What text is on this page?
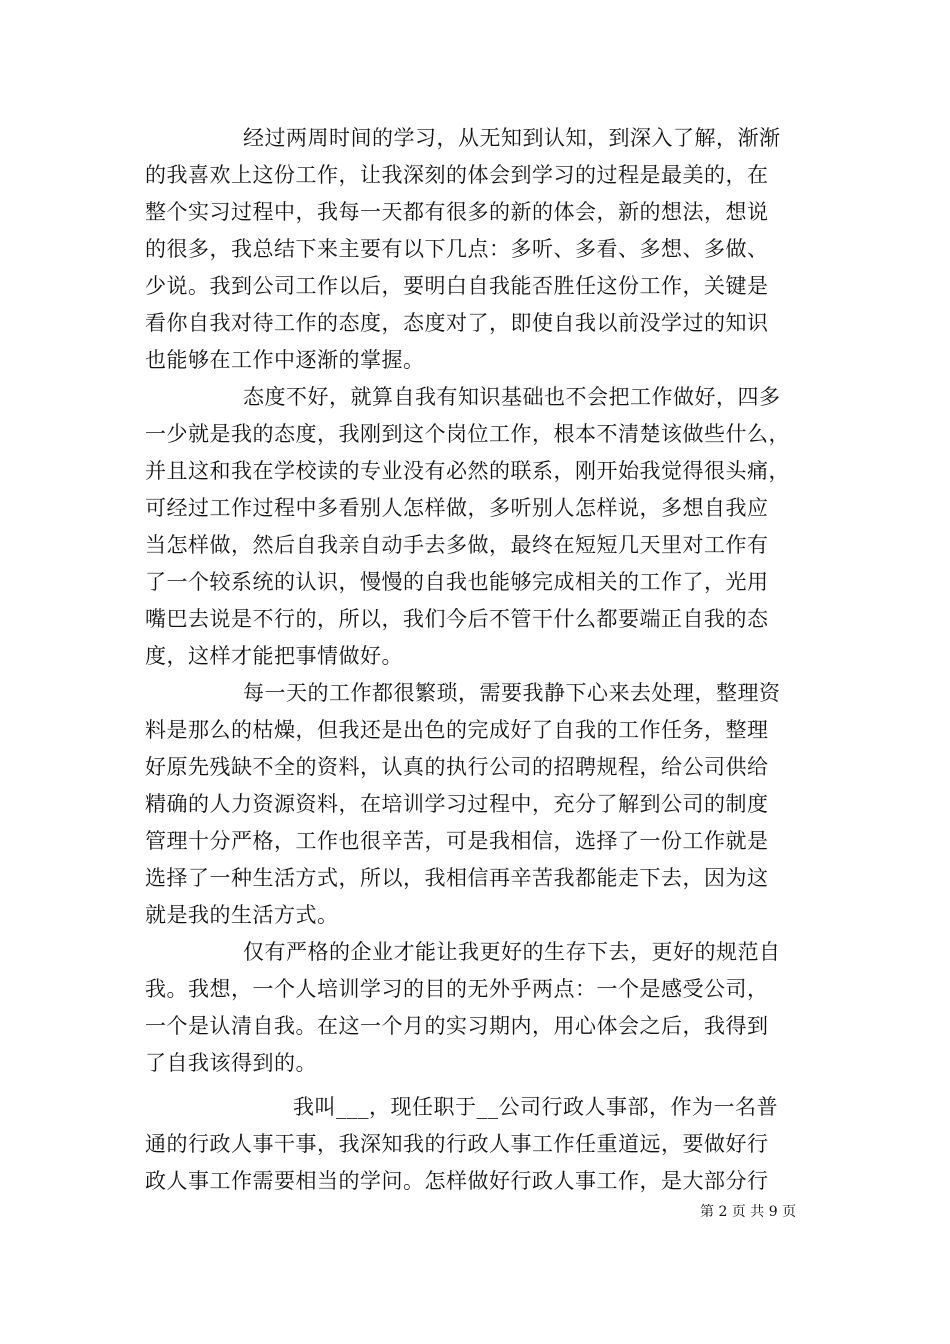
经过两周时间的学习，从无知到认知，到深入了解，渐渐
的我喜欢上这份工作，让我深刻的体会到学习的过程是最美的，在
整个实习过程中，我每一天都有很多的新的体会，新的想法，想说
的很多，我总结下来主要有以下几点：多听、多看、多想、多做、
少说。我到公司工作以后，要明白自我能否胜任这份工作，关键是
看你自我对待工作的态度，态度对了，即使自我以前没学过的知识
也能够在工作中逐渐的掌握。
态度不好，就算自我有知识基础也不会把工作做好，四多
一少就是我的态度，我刚到这个岗位工作，根本不清楚该做些什么，
并且这和我在学校读的专业没有必然的联系，刚开始我觉得很头痛，
可经过工作过程中多看别人怎样做，多听别人怎样说，多想自我应
当怎样做，然后自我亲自动手去多做，最终在短短几天里对工作有
了一个较系统的认识，慢慢的自我也能够完成相关的工作了，光用
嘴巴去说是不行的，所以，我们今后不管干什么都要端正自我的态
度，这样才能把事情做好。
每一天的工作都很繁琐，需要我静下心来去处理，整理资
料是那么的枯燥，但我还是出色的完成好了自我的工作任务，整理
好原先残缺不全的资料，认真的执行公司的招聘规程，给公司供给
精确的人力资源资料，在培训学习过程中，充分了解到公司的制度
管理十分严格，工作也很辛苦，可是我相信，选择了一份工作就是
选择了一种生活方式，所以，我相信再辛苦我都能走下去，因为这
就是我的生活方式。
仅有严格的企业才能让我更好的生存下去，更好的规范自
我。我想，一个人培训学习的目的无外乎两点：一个是感受公司，
一个是认清自我。在这一个月的实习期内，用心体会之后，我得到
了自我该得到的。
我叫___，现任职于__公司行政人事部，作为一名普
通的行政人事干事，我深知我的行政人事工作任重道远，要做好行
政人事工作需要相当的学问。怎样做好行政人事工作，是大部分行
第 2 页 共 9 页
